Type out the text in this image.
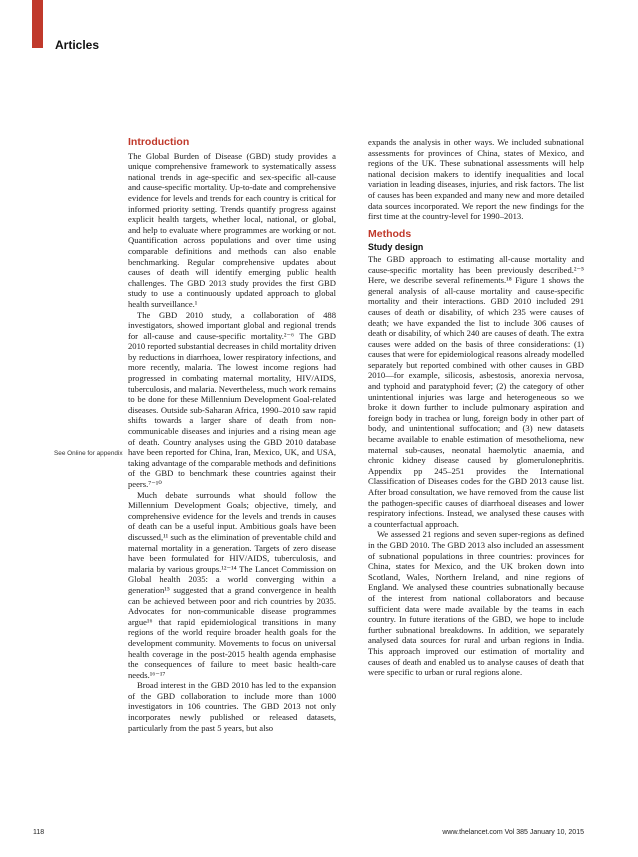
Articles
See Online for appendix
Introduction

The Global Burden of Disease (GBD) study provides a unique comprehensive framework to systematically assess national trends in age-specific and sex-specific all-cause and cause-specific mortality. Up-to-date and comprehensive evidence for levels and trends for each country is critical for informed priority setting. Trends quantify progress against explicit health targets, whether local, national, or global, and help to evaluate where programmes are working or not. Quantification across populations and over time using comparable definitions and methods can also enable benchmarking. Regular comprehensive updates about causes of death will identify emerging public health challenges. The GBD 2013 study provides the first GBD study to use a continuously updated approach to global health surveillance.¹

The GBD 2010 study, a collaboration of 488 investigators, showed important global and regional trends for all-cause and cause-specific mortality.²⁻⁶ The GBD 2010 reported substantial decreases in child mortality driven by reductions in diarrhoea, lower respiratory infections, and more recently, malaria. The lowest income regions had progressed in combating maternal mortality, HIV/AIDS, tuberculosis, and malaria. Nevertheless, much work remains to be done for these Millennium Development Goal-related diseases. Outside sub-Saharan Africa, 1990–2010 saw rapid shifts towards a larger share of death from non-communicable diseases and injuries and a rising mean age of death. Country analyses using the GBD 2010 database have been reported for China, Iran, Mexico, UK, and USA, taking advantage of the comparable methods and definitions of the GBD to benchmark these countries against their peers.⁷⁻¹⁰

Much debate surrounds what should follow the Millennium Development Goals; objective, timely, and comprehensive evidence for the levels and trends in causes of death can be a useful input. Ambitious goals have been discussed,¹¹ such as the elimination of preventable child and maternal mortality in a generation. Targets of zero disease have been formulated for HIV/AIDS, tuberculosis, and malaria by various groups.¹²⁻¹⁴ The Lancet Commission on Global health 2035: a world converging within a generation¹⁵ suggested that a grand convergence in health can be achieved between poor and rich countries by 2035. Advocates for non-communicable disease programmes argue¹⁶ that rapid epidemiological transitions in many regions of the world require broader health goals for the development community. Movements to focus on universal health coverage in the post-2015 health agenda emphasise the consequences of failure to meet basic health-care needs.¹⁶⁻¹⁷

Broad interest in the GBD 2010 has led to the expansion of the GBD collaboration to include more than 1000 investigators in 106 countries. The GBD 2013 not only incorporates newly published or released datasets, particularly from the past 5 years, but also

expands the analysis in other ways. We included subnational assessments for provinces of China, states of Mexico, and regions of the UK. These subnational assessments will help national decision makers to identify inequalities and local variation in leading diseases, injuries, and risk factors. The list of causes has been expanded and many new and more detailed data sources incorporated. We report the new findings for the first time at the country-level for 1990–2013.

Methods
Study design

The GBD approach to estimating all-cause mortality and cause-specific mortality has been previously described.²⁻⁵ Here, we describe several refinements.¹⁸ Figure 1 shows the general analysis of all-cause mortality and cause-specific mortality and their interactions. GBD 2010 included 291 causes of death or disability, of which 235 were causes of death; we have expanded the list to include 306 causes of death or disability, of which 240 are causes of death. The extra causes were added on the basis of three considerations: (1) causes that were for epidemiological reasons already modelled separately but reported combined with other causes in GBD 2010—for example, silicosis, asbestosis, anorexia nervosa, and typhoid and paratyphoid fever; (2) the category of other unintentional injuries was large and heterogeneous so we broke it down further to include pulmonary aspiration and foreign body in trachea or lung, foreign body in other part of body, and unintentional suffocation; and (3) new datasets became available to enable estimation of mesothelioma, new maternal sub-causes, neonatal haemolytic anaemia, and chronic kidney disease caused by glomerulonephritis. Appendix pp 245–251 provides the International Classification of Diseases codes for the GBD 2013 cause list. After broad consultation, we have removed from the cause list the pathogen-specific causes of diarrhoeal diseases and lower respiratory infections. Instead, we analysed these causes with a counterfactual approach.

We assessed 21 regions and seven super-regions as defined in the GBD 2010. The GBD 2013 also included an assessment of subnational populations in three countries: provinces for China, states for Mexico, and the UK broken down into Scotland, Wales, Northern Ireland, and nine regions of England. We analysed these countries subnationally because of the interest from national collaborators and because sufficient data were made available by the teams in each country. In future iterations of the GBD, we hope to include further subnational breakdowns. In addition, we separately analysed data sources for rural and urban regions in India. This approach improved our estimation of mortality and causes of death and enabled us to analyse causes of death that were specific to urban or rural regions alone.

118	www.thelancet.com Vol 385 January 10, 2015
